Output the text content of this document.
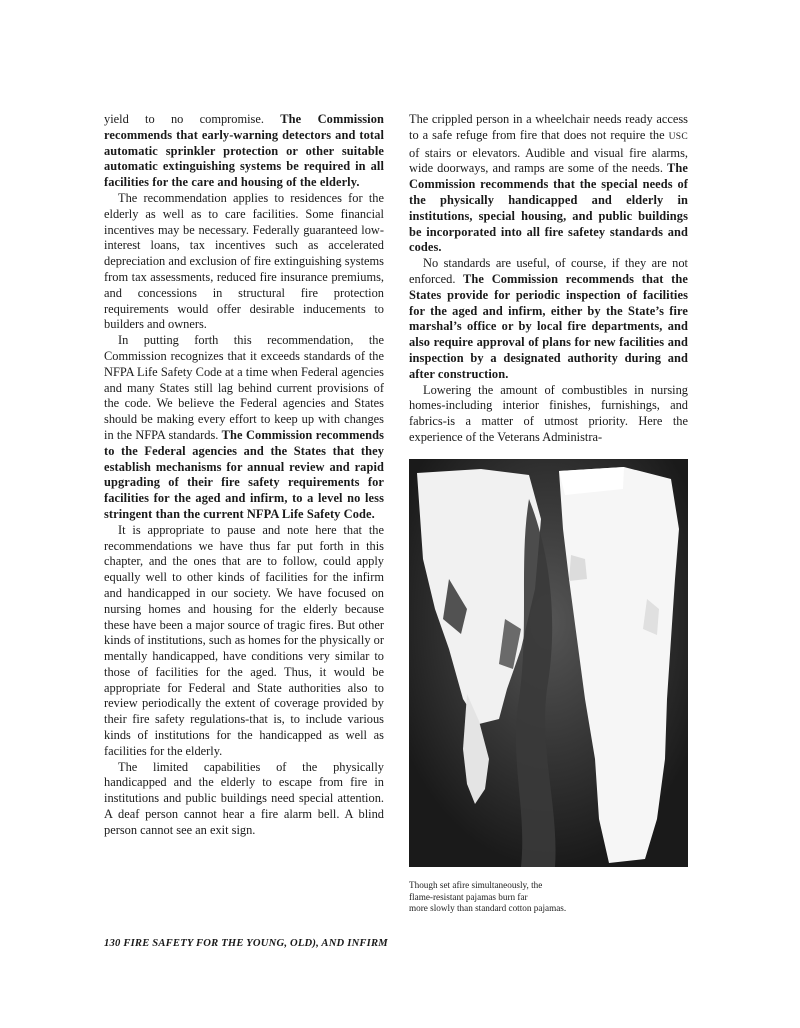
yield to no compromise. The Commission recommends that early-warning detectors and total automatic sprinkler protection or other suitable automatic extinguishing systems be required in all facilities for the care and housing of the elderly.

The recommendation applies to residences for the elderly as well as to care facilities. Some financial incentives may be necessary. Federally guaranteed low-interest loans, tax incentives such as accelerated depreciation and exclusion of fire extinguishing systems from tax assessments, reduced fire insurance premiums, and concessions in structural fire protection requirements would offer desirable inducements to builders and owners.

In putting forth this recommendation, the Commission recognizes that it exceeds standards of the NFPA Life Safety Code at a time when Federal agencies and many States still lag behind current provisions of the code. We believe the Federal agencies and States should be making every effort to keep up with changes in the NFPA standards. The Commission recommends to the Federal agencies and the States that they establish mechanisms for annual review and rapid upgrading of their fire safety requirements for facilities for the aged and infirm, to a level no less stringent than the current NFPA Life Safety Code.

It is appropriate to pause and note here that the recommendations we have thus far put forth in this chapter, and the ones that are to follow, could apply equally well to other kinds of facilities for the infirm and handicapped in our society. We have focused on nursing homes and housing for the elderly because these have been a major source of tragic fires. But other kinds of institutions, such as homes for the physically or mentally handicapped, have conditions very similar to those of facilities for the aged. Thus, it would be appropriate for Federal and State authorities also to review periodically the extent of coverage provided by their fire safety regulations-that is, to include various kinds of institutions for the handicapped as well as facilities for the elderly.

The limited capabilities of the physically handicapped and the elderly to escape from fire in institutions and public buildings need special attention. A deaf person cannot hear a fire alarm bell. A blind person cannot see an exit sign.

The crippled person in a wheelchair needs ready access to a safe refuge from fire that does not require the USC of stairs or elevators. Audible and visual fire alarms, wide doorways, and ramps are some of the needs. The Commission recommends that the special needs of the physically handicapped and elderly in institutions, special housing, and public buildings be incorporated into all fire safetey standards and codes.

No standards are useful, of course, if they are not enforced. The Commission recommends that the States provide for periodic inspection of facilities for the aged and infirm, either by the State’s fire marshal’s office or by local fire departments, and also require approval of plans for new facilities and inspection by a designated authority during and after construction.

Lowering the amount of combustibles in nursing homes-including interior finishes, furnishings, and fabrics-is a matter of utmost priority. Here the experience of the Veterans Administra-

Though set afire simultaneously, the
flame-resistant pajamas burn far
more slowly than standard cotton pajamas.
130 FIRE SAFETY FOR THE YOUNG, OLD), AND INFIRM
